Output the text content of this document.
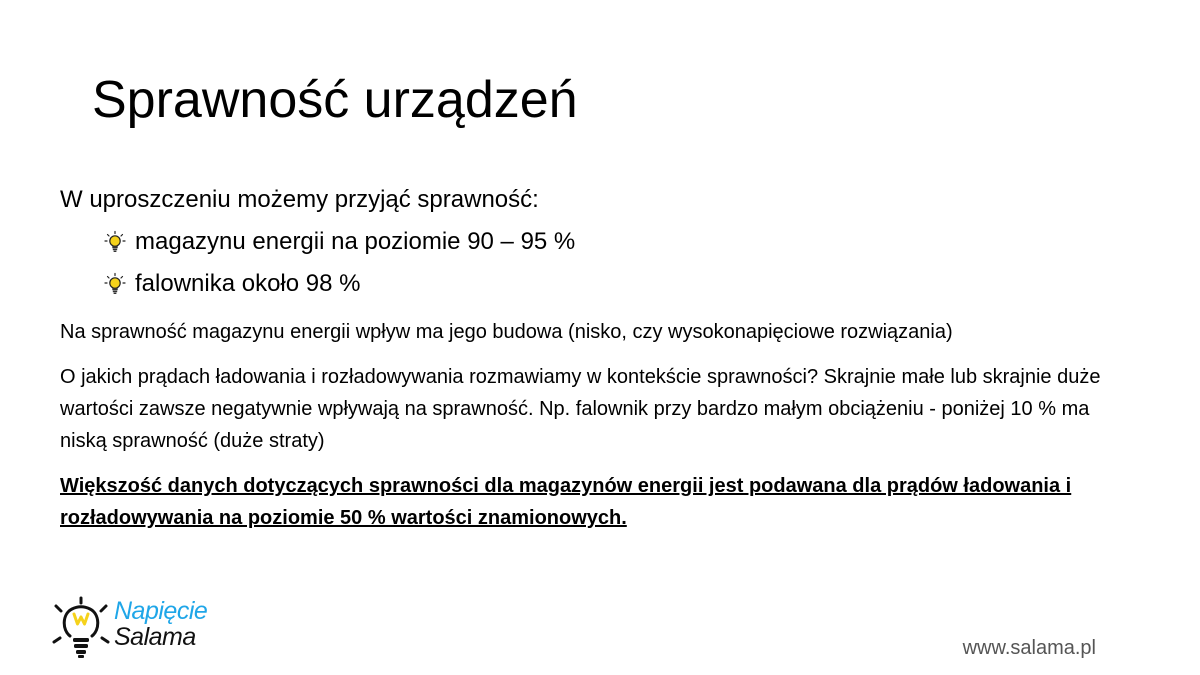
Sprawność urządzeń

W uproszczeniu możemy przyjąć sprawność:

magazynu energii na poziomie 90 – 95 %
falownika około 98 %

Na sprawność magazynu energii wpływ ma jego budowa (nisko, czy wysokonapięciowe rozwiązania)

O jakich prądach ładowania i rozładowywania rozmawiamy w kontekście sprawności? Skrajnie małe lub skrajnie duże wartości zawsze negatywnie wpływają na sprawność. Np. falownik przy bardzo małym obciążeniu - poniżej 10 % ma niską sprawność (duże straty)

Większość danych dotyczących sprawności dla magazynów energii jest podawana dla prądów ładowania i rozładowywania na poziomie 50 % wartości znamionowych.

Napięcie
Salama	www.salama.pl
